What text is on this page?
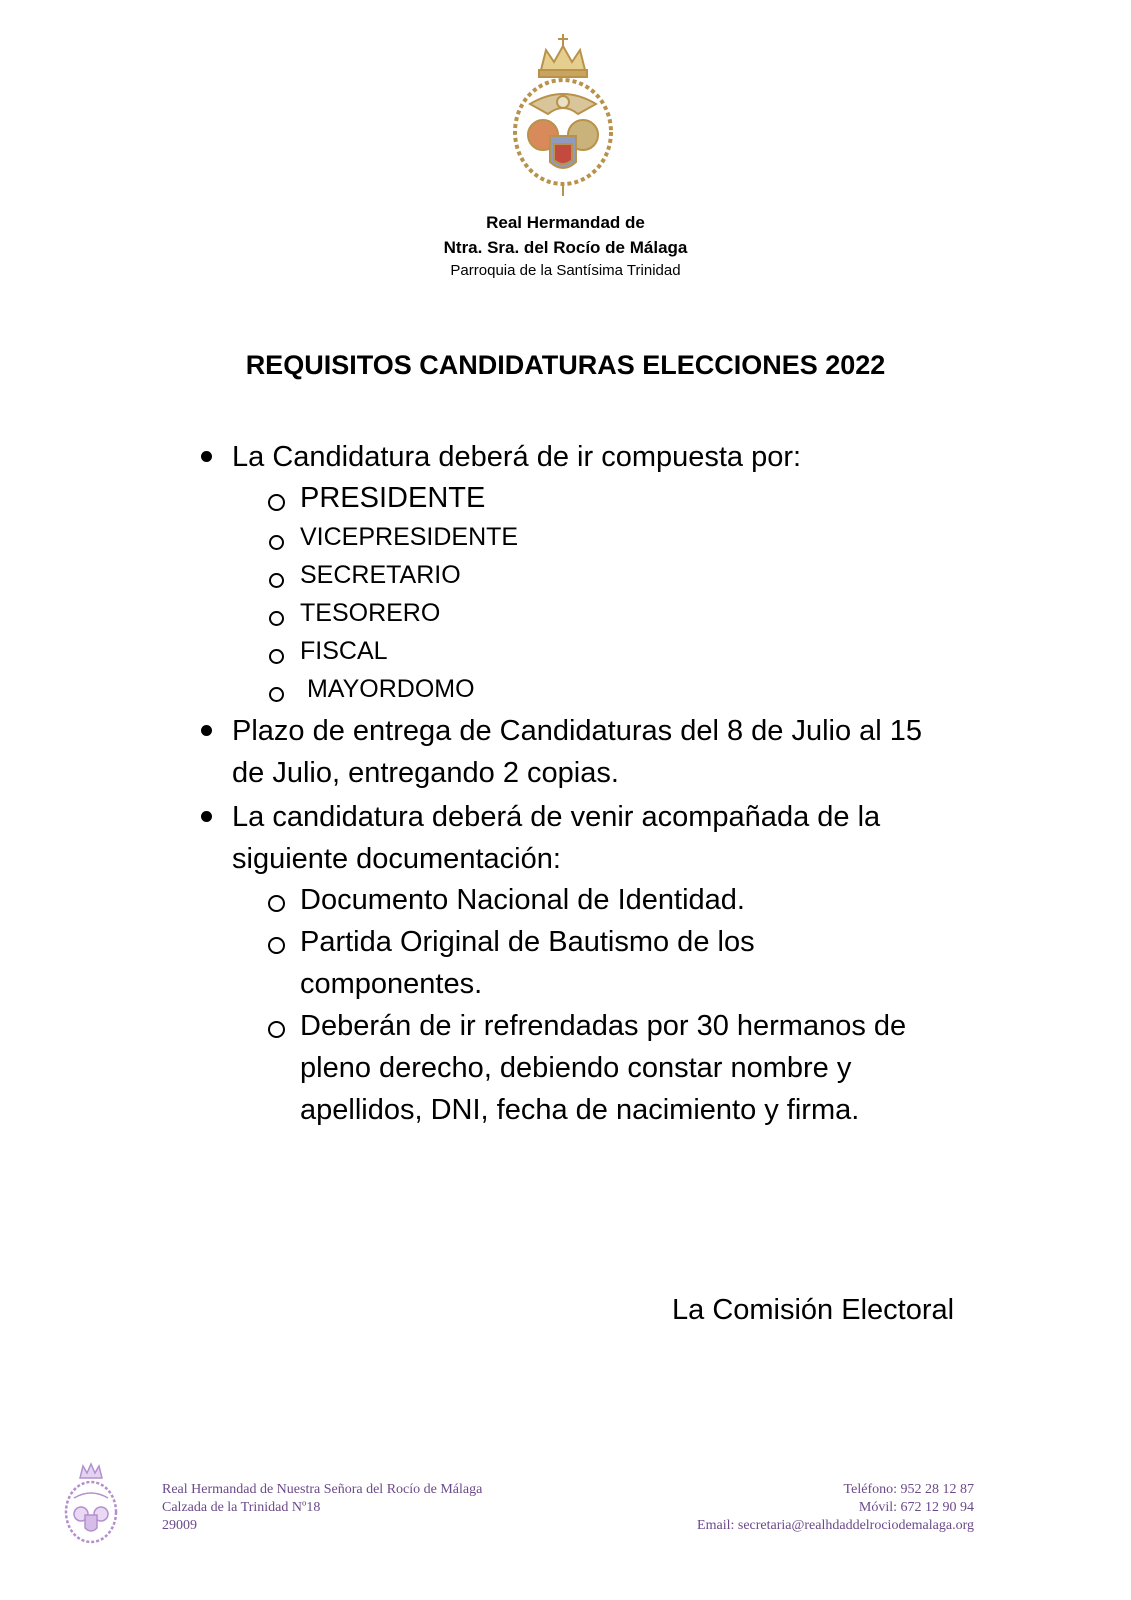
Real Hermandad de
Ntra. Sra. del Rocío de Málaga
Parroquia de la Santísima Trinidad
REQUISITOS CANDIDATURAS ELECCIONES 2022
La Candidatura deberá de ir compuesta por:
PRESIDENTE
VICEPRESIDENTE
SECRETARIO
TESORERO
FISCAL
MAYORDOMO
Plazo de entrega de Candidaturas del 8 de Julio al 15
de Julio, entregando 2 copias.
La candidatura deberá de venir acompañada de la
siguiente documentación:
Documento Nacional de Identidad.
Partida Original de Bautismo de los
componentes.
Deberán de ir refrendadas por 30 hermanos de
pleno derecho, debiendo constar nombre y
apellidos, DNI, fecha de nacimiento y firma.
La Comisión Electoral
Real Hermandad de Nuestra Señora del Rocío de Málaga
Calzada de la Trinidad Nº18
29009
Teléfono: 952 28 12 87
Móvil: 672 12 90 94
Email: secretaria@realhdaddelrociodemalaga.org
